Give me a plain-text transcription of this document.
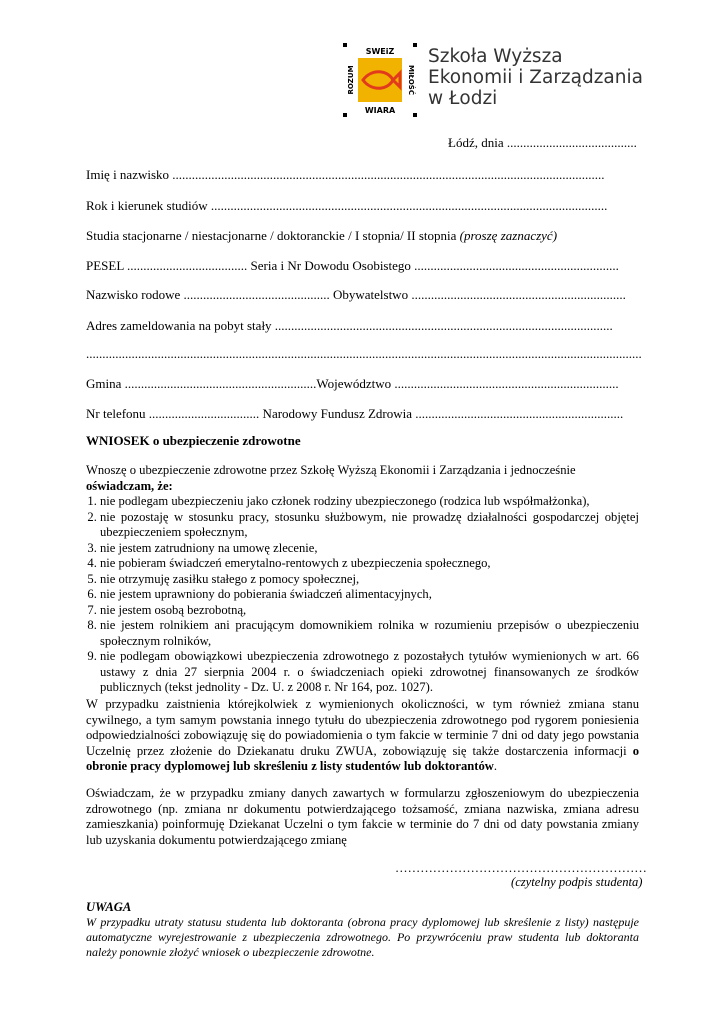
SWEiZ
WIARA
ROZUM	MIŁOŚĆ
Szkoła Wyższa
Ekonomii i Zarządzania
w Łodzi
Łódź, dnia ........................................
Imię i nazwisko .....................................................................................................................................
Rok i kierunek studiów ..........................................................................................................................
Studia stacjonarne / niestacjonarne / doktoranckie / I stopnia/ II stopnia (proszę zaznaczyć)
PESEL ..................................... Seria i Nr Dowodu Osobistego ...............................................................
Nazwisko rodowe ............................................. Obywatelstwo ..................................................................
Adres zameldowania na pobyt stały ........................................................................................................
...........................................................................................................................................................................
Gmina ...........................................................Województwo .....................................................................
Nr telefonu .................................. Narodowy Fundusz Zdrowia ................................................................
WNIOSEK o ubezpieczenie zdrowotne
Wnoszę o ubezpieczenie zdrowotne przez Szkołę Wyższą Ekonomii i Zarządzania i jednocześnie
oświadczam, że:
1. nie podlegam ubezpieczeniu jako członek rodziny ubezpieczonego (rodzica lub współmałżonka),
2. nie pozostaję w stosunku pracy, stosunku służbowym, nie prowadzę działalności gospodarczej objętej ubezpieczeniem społecznym,
3. nie jestem zatrudniony na umowę zlecenie,
4. nie pobieram świadczeń emerytalno-rentowych z ubezpieczenia społecznego,
5. nie otrzymuję zasiłku stałego z pomocy społecznej,
6. nie jestem uprawniony do pobierania świadczeń alimentacyjnych,
7. nie jestem osobą bezrobotną,
8. nie jestem rolnikiem ani pracującym domownikiem rolnika w rozumieniu przepisów o ubezpieczeniu społecznym rolników,
9. nie podlegam obowiązkowi ubezpieczenia zdrowotnego z pozostałych tytułów wymienionych w art. 66 ustawy z dnia 27 sierpnia 2004 r. o świadczeniach opieki zdrowotnej finansowanych ze środków publicznych (tekst jednolity - Dz. U. z 2008 r. Nr 164, poz. 1027).
W przypadku zaistnienia którejkolwiek z wymienionych okoliczności, w tym również zmiana stanu cywilnego, a tym samym powstania innego tytułu do ubezpieczenia zdrowotnego pod rygorem poniesienia odpowiedzialności zobowiązuję się do powiadomienia o tym fakcie w terminie 7 dni od daty jego powstania Uczelnię przez złożenie do Dziekanatu druku ZWUA, zobowiązuję się także dostarczenia informacji o obronie pracy dyplomowej lub skreśleniu z listy studentów lub doktorantów.
Oświadczam, że w przypadku zmiany danych zawartych w formularzu zgłoszeniowym do ubezpieczenia zdrowotnego (np. zmiana nr dokumentu potwierdzającego tożsamość, zmiana nazwiska, zmiana adresu zamieszkania) poinformuję Dziekanat Uczelni o tym fakcie w terminie do 7 dni od daty powstania zmiany lub uzyskania dokumentu potwierdzającego zmianę
……………………………………………………
(czytelny podpis studenta)
UWAGA
W przypadku utraty statusu studenta lub doktoranta (obrona pracy dyplomowej lub skreślenie z listy) następuje automatyczne wyrejestrowanie z ubezpieczenia zdrowotnego. Po przywróceniu praw studenta lub doktoranta należy ponownie złożyć wniosek o ubezpieczenie zdrowotne.
